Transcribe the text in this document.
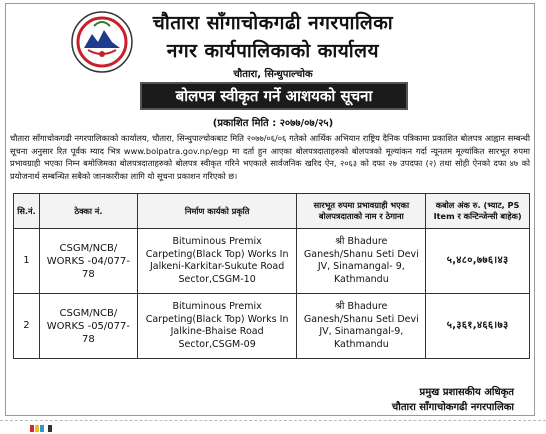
चौतारा साँगाचोकगढी नगरपालिका
नगर कार्यपालिकाको कार्यालय
चौतारा, सिन्धुपाल्चोक
बोलपत्र स्वीकृत गर्ने आशयको सूचना
(प्रकाशित मिति : २०७७/०७/२५)
चौतारा साँगाचोकगढी नगरपालिकाको कार्यालय, चौतारा, सिन्धुपाल्चोकबाट मिति २०७७/०६/०६ गतेको आर्थिक अभियान राष्ट्रिय दैनिक पत्रिकामा प्रकाशित बोलपत्र आह्वान सम्बन्धी सूचना अनुसार रित पूर्वक म्याद भित्र www.bolpatra.gov.np/egp मा दर्ता हुन आएका बोलपत्रदाताहरुको बोलपत्रको मूल्यांकन गर्दा न्यूनतम मूल्यांकित सारभूत रुपमा प्रभावग्राही भएका निम्न बमोजिमका बोलपत्रदाताहरुको बोलपत्र स्वीकृत गरिने भएकाले सार्वजनिक खरिद ऐन, २०६३ को दफा २७ उपदफा (२) तथा सोही ऐनको दफा ४७ को प्रयोजनार्थ सम्बन्धित सबैको जानकारीका लागि यो सूचना प्रकाशन गरिएको छ।
सि.नं.	ठेक्का नं.	निर्माण कार्यको प्रकृति	सारभूत रुपमा प्रभावग्राही भएका बोलपत्रदाताको नाम र ठेगाना	कबोल अंक रु. (भ्याट, PS Item र कन्टिन्जेन्सी बाहेक)
1	CSGM/NCB/ WORKS -04/077-78	Bituminous Premix Carpeting(Black Top) Works In Jalkeni-Karkitar-Sukute Road Sector,CSGM-10	श्री Bhadure Ganesh/Shanu Seti Devi JV, Sinamangal- 9, Kathmandu	५,४८०,७७६।४३
2	CSGM/NCB/ WORKS -05/077-78	Bituminous Premix Carpeting(Black Top) Works In Jalkine-Bhaise Road Sector,CSGM-09	श्री Bhadure Ganesh/Shanu Seti Devi JV, Sinamangal-9, Kathmandu	५,३६१,४६६।७३
प्रमुख प्रशासकीय अधिकृत
चौतारा साँगाचोकगढी नगरपालिका
